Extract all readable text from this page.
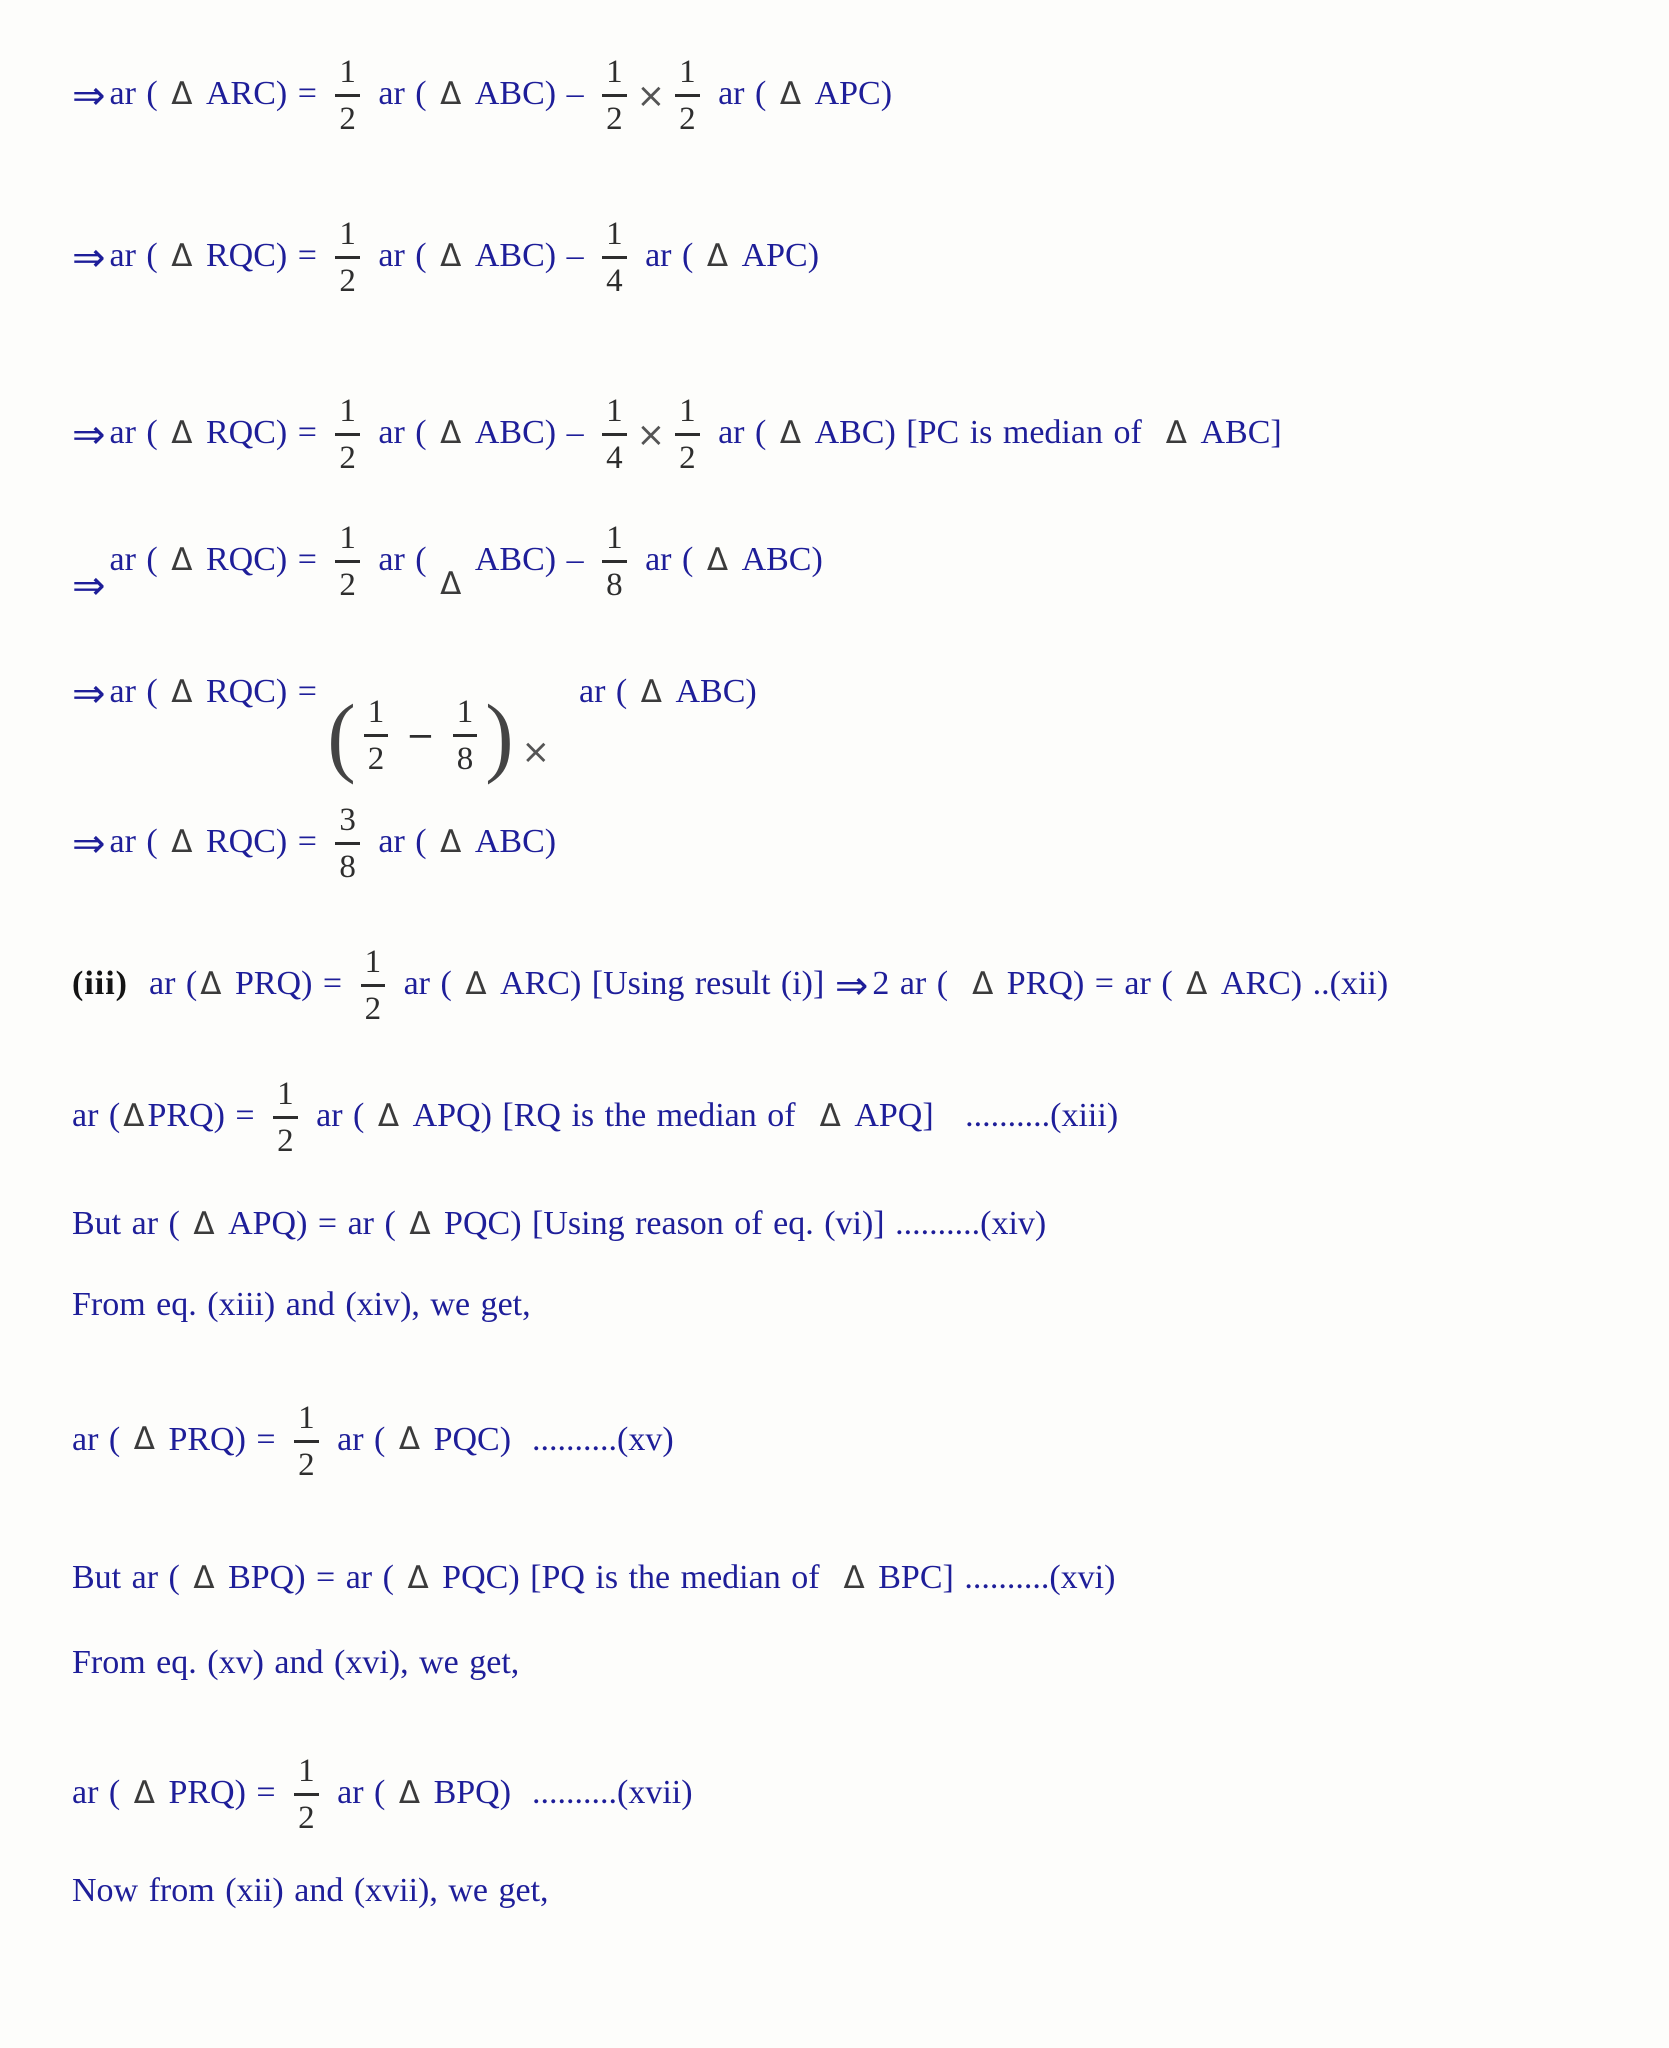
⇒ ar ( Δ $ARC) = \frac{1}{2}$ ar ( Δ $ABC) - \frac{1}{2} \times \frac{1}{2}$ ar ( Δ APC)
⇒ ar ( Δ $RQC) = \frac{1}{2}$ ar ( Δ $ABC) - \frac{1}{4}$ ar ( Δ APC)
⇒ ar ( Δ $RQC) = \frac{1}{2}$ ar ( Δ $ABC) - \frac{1}{4} \times \frac{1}{2}$ ar ( Δ ABC) [PC is median of  Δ ABC]
⇒ar ( Δ $RQC) = \frac{1}{2}$ ar ( Δ $ABC) - \frac{1}{8}$ ar ( Δ ABC)
⇒ ar ( Δ RQC) = ( $\frac{1}{2} - \frac{1}{8}$ ) ×  ar ( Δ ABC)
⇒ ar ( Δ $RQC) = \frac{3}{8}$ ar ( Δ ABC)
(iii)  ar (Δ $PRQ) = \frac{1}{2}$ ar ( Δ ARC) [Using result (i)] ⇒ 2 ar (  Δ PRQ) = ar ( Δ ARC) ..(xii)
ar $(\Delta PRQ) = \frac{1}{2}$ ar ( Δ APQ) [RQ is the median of  Δ APQ]   ..........(xiii)
But ar ( Δ APQ) = ar ( Δ PQC) [Using reason of eq. (vi)] ..........(xiv)
From eq. (xiii) and (xiv), we get,
ar ( Δ $PRQ) = \frac{1}{2}$ ar ( Δ PQC)  ..........(xv)
But ar ( Δ BPQ) = ar ( Δ PQC) [PQ is the median of  Δ BPC] ..........(xvi)
From eq. (xv) and (xvi), we get,
ar ( Δ $PRQ) = \frac{1}{2}$ ar ( Δ BPQ)  ..........(xvii)
Now from (xii) and (xvii), we get,
